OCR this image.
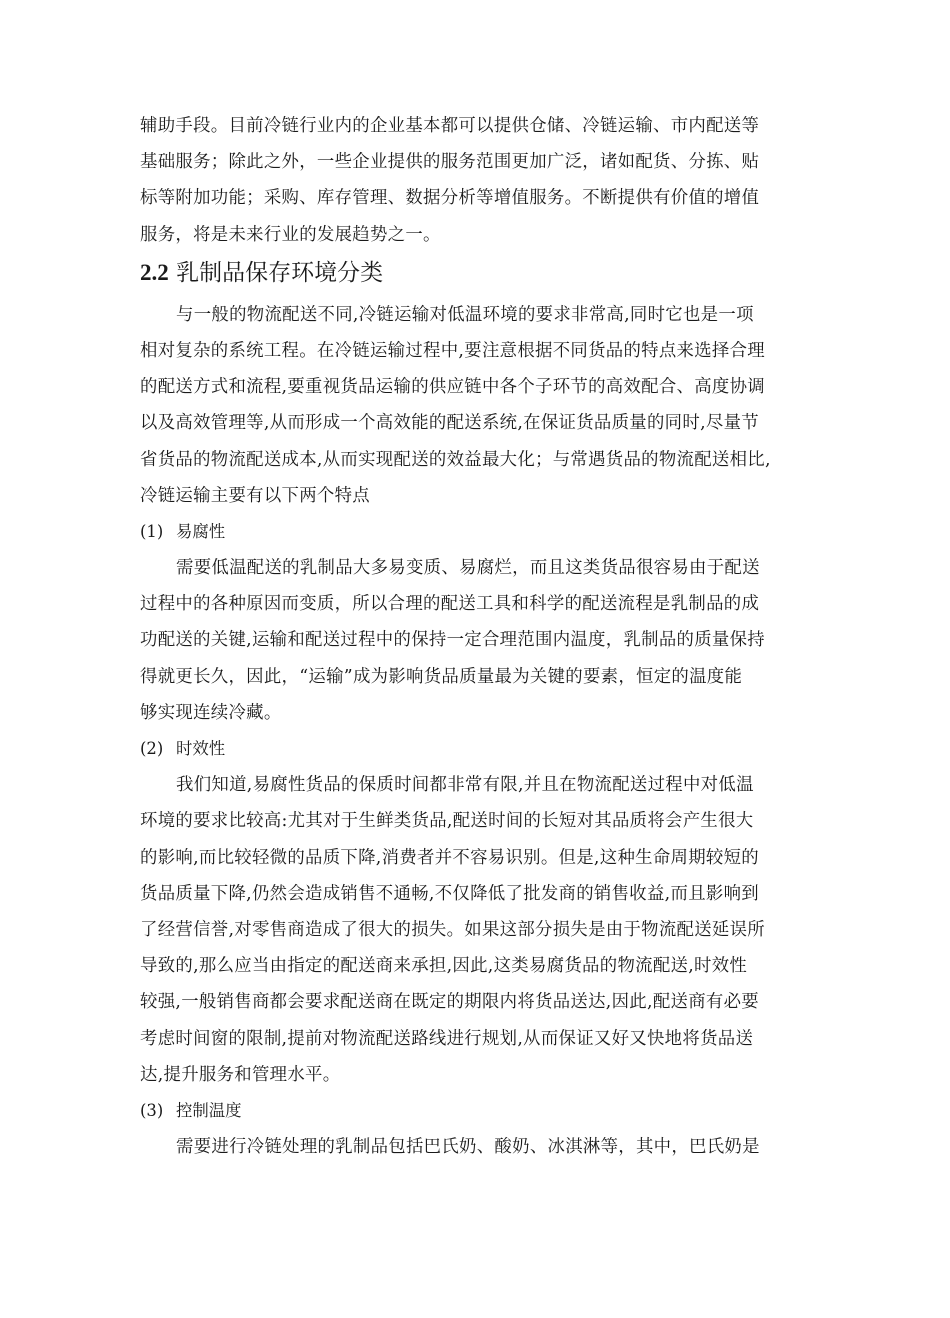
辅助手段。目前冷链行业内的企业基本都可以提供仓储、冷链运输、市内配送等
基础服务；除此之外，一些企业提供的服务范围更加广泛，诸如配货、分拣、贴
标等附加功能；采购、库存管理、数据分析等增值服务。不断提供有价值的增值
服务，将是未来行业的发展趋势之一。
2.2 乳制品保存环境分类
与一般的物流配送不同,冷链运输对低温环境的要求非常高,同时它也是一项
相对复杂的系统工程。在冷链运输过程中,要注意根据不同货品的特点来选择合理
的配送方式和流程,要重视货品运输的供应链中各个子环节的高效配合、高度协调
以及高效管理等,从而形成一个高效能的配送系统,在保证货品质量的同时,尽量节
省货品的物流配送成本,从而实现配送的效益最大化；与常遇货品的物流配送相比,
冷链运输主要有以下两个特点
(1) 易腐性
需要低温配送的乳制品大多易变质、易腐烂，而且这类货品很容易由于配送
过程中的各种原因而变质，所以合理的配送工具和科学的配送流程是乳制品的成
功配送的关键,运输和配送过程中的保持一定合理范围内温度，乳制品的质量保持
得就更长久，因此，“运输”成为影响货品质量最为关键的要素，恒定的温度能
够实现连续冷藏。
(2) 时效性
我们知道,易腐性货品的保质时间都非常有限,并且在物流配送过程中对低温
环境的要求比较高:尤其对于生鲜类货品,配送时间的长短对其品质将会产生很大
的影响,而比较轻微的品质下降,消费者并不容易识别。但是,这种生命周期较短的
货品质量下降,仍然会造成销售不通畅,不仅降低了批发商的销售收益,而且影响到
了经营信誉,对零售商造成了很大的损失。如果这部分损失是由于物流配送延误所
导致的,那么应当由指定的配送商来承担,因此,这类易腐货品的物流配送,时效性
较强,一般销售商都会要求配送商在既定的期限内将货品送达,因此,配送商有必要
考虑时间窗的限制,提前对物流配送路线进行规划,从而保证又好又快地将货品送
达,提升服务和管理水平。
(3) 控制温度
需要进行冷链处理的乳制品包括巴氏奶、酸奶、冰淇淋等，其中，巴氏奶是
